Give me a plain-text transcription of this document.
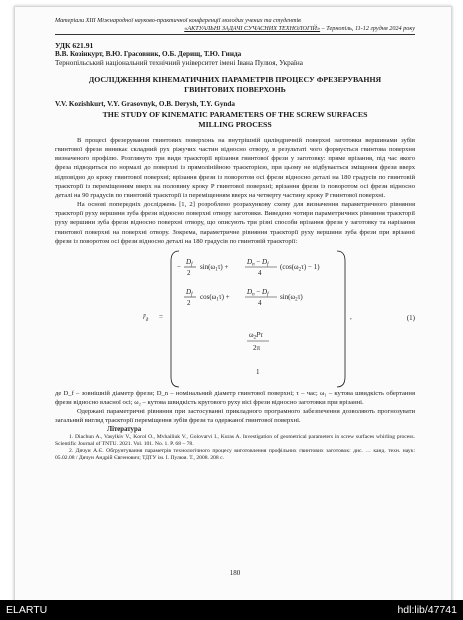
Матеріали ХІІІ Міжнародної науково-практичної конференції молодих учених та студентів
«АКТУАЛЬНІ ЗАДАЧІ СУЧАСНИХ ТЕХНОЛОГІЙ» – Тернопіль, 11-12 грудня 2024 року
УДК 621.91
В.В. Козінкурт, В.Ю. Грасовник, О.Б. Дерищ, Т.Ю. Гинда
Тернопільський національний технічний університет імені Івана Пулюя, Україна
ДОСЛІДЖЕННЯ КІНЕМАТИЧНИХ ПАРАМЕТРІВ ПРОЦЕСУ ФРЕЗЕРУВАННЯ
ГВИНТОВИХ ПОВЕРХОНЬ
V.V. Kozishkurt, V.Y. Grasovnyk, O.B. Derysh, T.Y. Gynda
THE STUDY OF KINEMATIC PARAMETERS OF THE SCREW SURFACES
MILLING PROCESS

В процесі фрезерування гвинтових поверхонь на внутрішній циліндричній поверхні заготовки вершинами зубів гвинтової фрези виникає складний рух ріжучих частин відносно отвору, в результаті чого формується гвинтова поверхня визначеного профілю. Розглянуто три види траєкторії врізання гвинтової фрези у заготовку: пряме врізання, під час якого фреза підводиться по нормалі до поверхні із прямолінійною траєкторією, при цьому не відбувається зміщення фрези вверх відповідно до кроку гвинтової поверхні; врізання фрези із поворотом осі фрези відносно деталі на 180 градусів по гвинтовій траєкторії із переміщенням вверх на половину кроку P гвинтової поверхні; врізання фрези із поворотом осі фрези відносно деталі на 90 градусів по гвинтовій траєкторії із переміщенням вверх на четверту частину кроку P гвинтової поверхні.

На основі попередніх досліджень [1, 2] розроблено розрахункову схему для визначення параметричного рівняння траєкторії руху вершини зуба фрези відносно поверхні отвору заготовки. Виведено чотири параметричних рівняння траєкторії руху вершини зуба фрези відносно поверхні отвору, що описують три різні способи врізання фрези у заготовку та нарізання гвинтової поверхні на поверхні отвору. Зокрема, параметричне рівняння траєкторії руху вершини зуба фрези при врізанні фрези із поворотом осі фрези відносно деталі на 180 градусів по гвинтовій траєкторії:

$r̄_д$ =	,
−
$D_f$
2
$\sin(\omega_1\tau)$ +
$D_n - D_f$
4
$(\cos(\omega_2\tau) - 1)$
$D_f$
2
$\cos(\omega_1\tau)$ +
$D_n - D_f$
4
$\sin(\omega_2\tau)$
$\omega_2P\tau$
2π
1
(1)

де D_f – зовнішній діаметр фрези; D_n – номінальний діаметр гвинтової поверхні; τ – час; ω₁ – кутова швидкість обертання фрези відносно власної осі; ω₂ – кутова швидкість кругового руху вісі фрези відносно заготовки при врізанні.

Одержані параметричні рівняння при застосуванні прикладного програмного забезпечення дозволяють прогнозувати загальний вигляд траєкторії переміщення зубів фрези та одержаної гвинтової поверхні.

Література
1. Diachun A., Vasylkiv V., Korol O., Mvhailiuk V., Golovarvi I., Kuras A. Investigation of geometrical parameters in screw surfaces whirling process. Scientific Journal of TNTU. 2021. Vol. 101. No. 1. P. 68 – 78.
2. Дячун А.Є. Обґрунтування параметрів технологічного процесу виготовлення профільних гвинтових заготовок: дис. … канд. техн. наук: 05.02.08 / Дячун Андрій Євгенович; ТДТУ ім. І. Пулюя. Т., 2008. 208 с.
180
ELARTU	hdl:lib/47741
